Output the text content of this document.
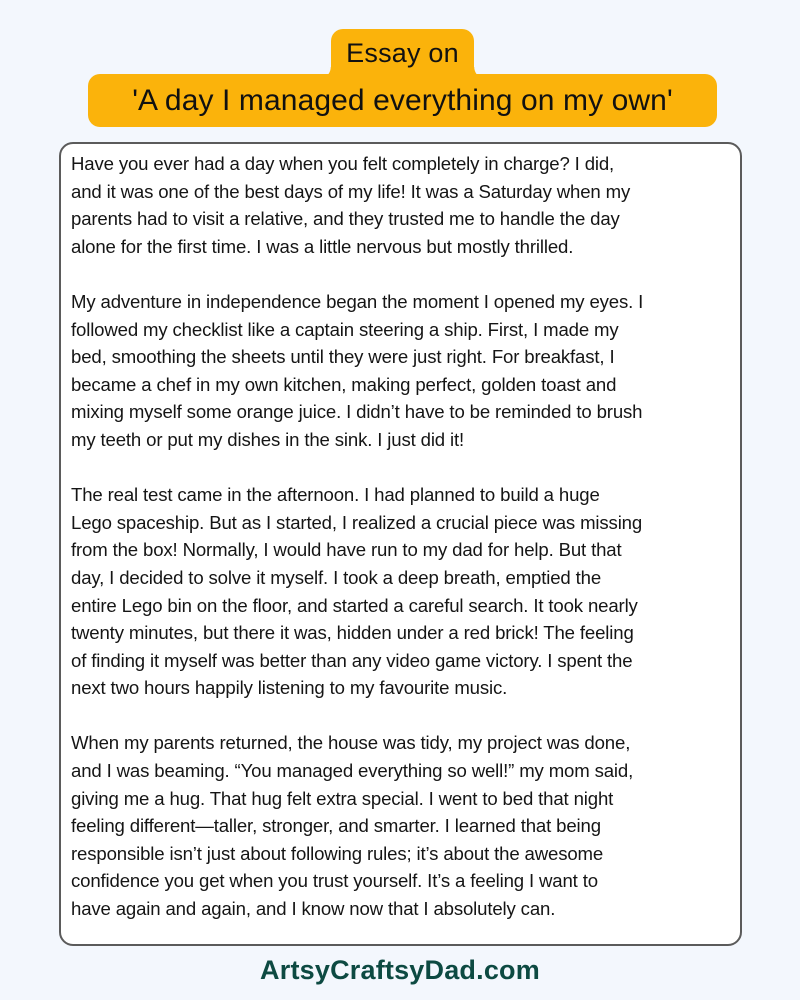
Essay on
'A day I managed everything on my own'

Have you ever had a day when you felt completely in charge? I did,
and it was one of the best days of my life! It was a Saturday when my
parents had to visit a relative, and they trusted me to handle the day
alone for the first time. I was a little nervous but mostly thrilled.

My adventure in independence began the moment I opened my eyes. I
followed my checklist like a captain steering a ship. First, I made my
bed, smoothing the sheets until they were just right. For breakfast, I
became a chef in my own kitchen, making perfect, golden toast and
mixing myself some orange juice. I didn’t have to be reminded to brush
my teeth or put my dishes in the sink. I just did it!

The real test came in the afternoon. I had planned to build a huge
Lego spaceship. But as I started, I realized a crucial piece was missing
from the box! Normally, I would have run to my dad for help. But that
day, I decided to solve it myself. I took a deep breath, emptied the
entire Lego bin on the floor, and started a careful search. It took nearly
twenty minutes, but there it was, hidden under a red brick! The feeling
of finding it myself was better than any video game victory. I spent the
next two hours happily listening to my favourite music.

When my parents returned, the house was tidy, my project was done,
and I was beaming. “You managed everything so well!” my mom said,
giving me a hug. That hug felt extra special. I went to bed that night
feeling different—taller, stronger, and smarter. I learned that being
responsible isn’t just about following rules; it’s about the awesome
confidence you get when you trust yourself. It’s a feeling I want to
have again and again, and I know now that I absolutely can.

ArtsyCraftsyDad.com
